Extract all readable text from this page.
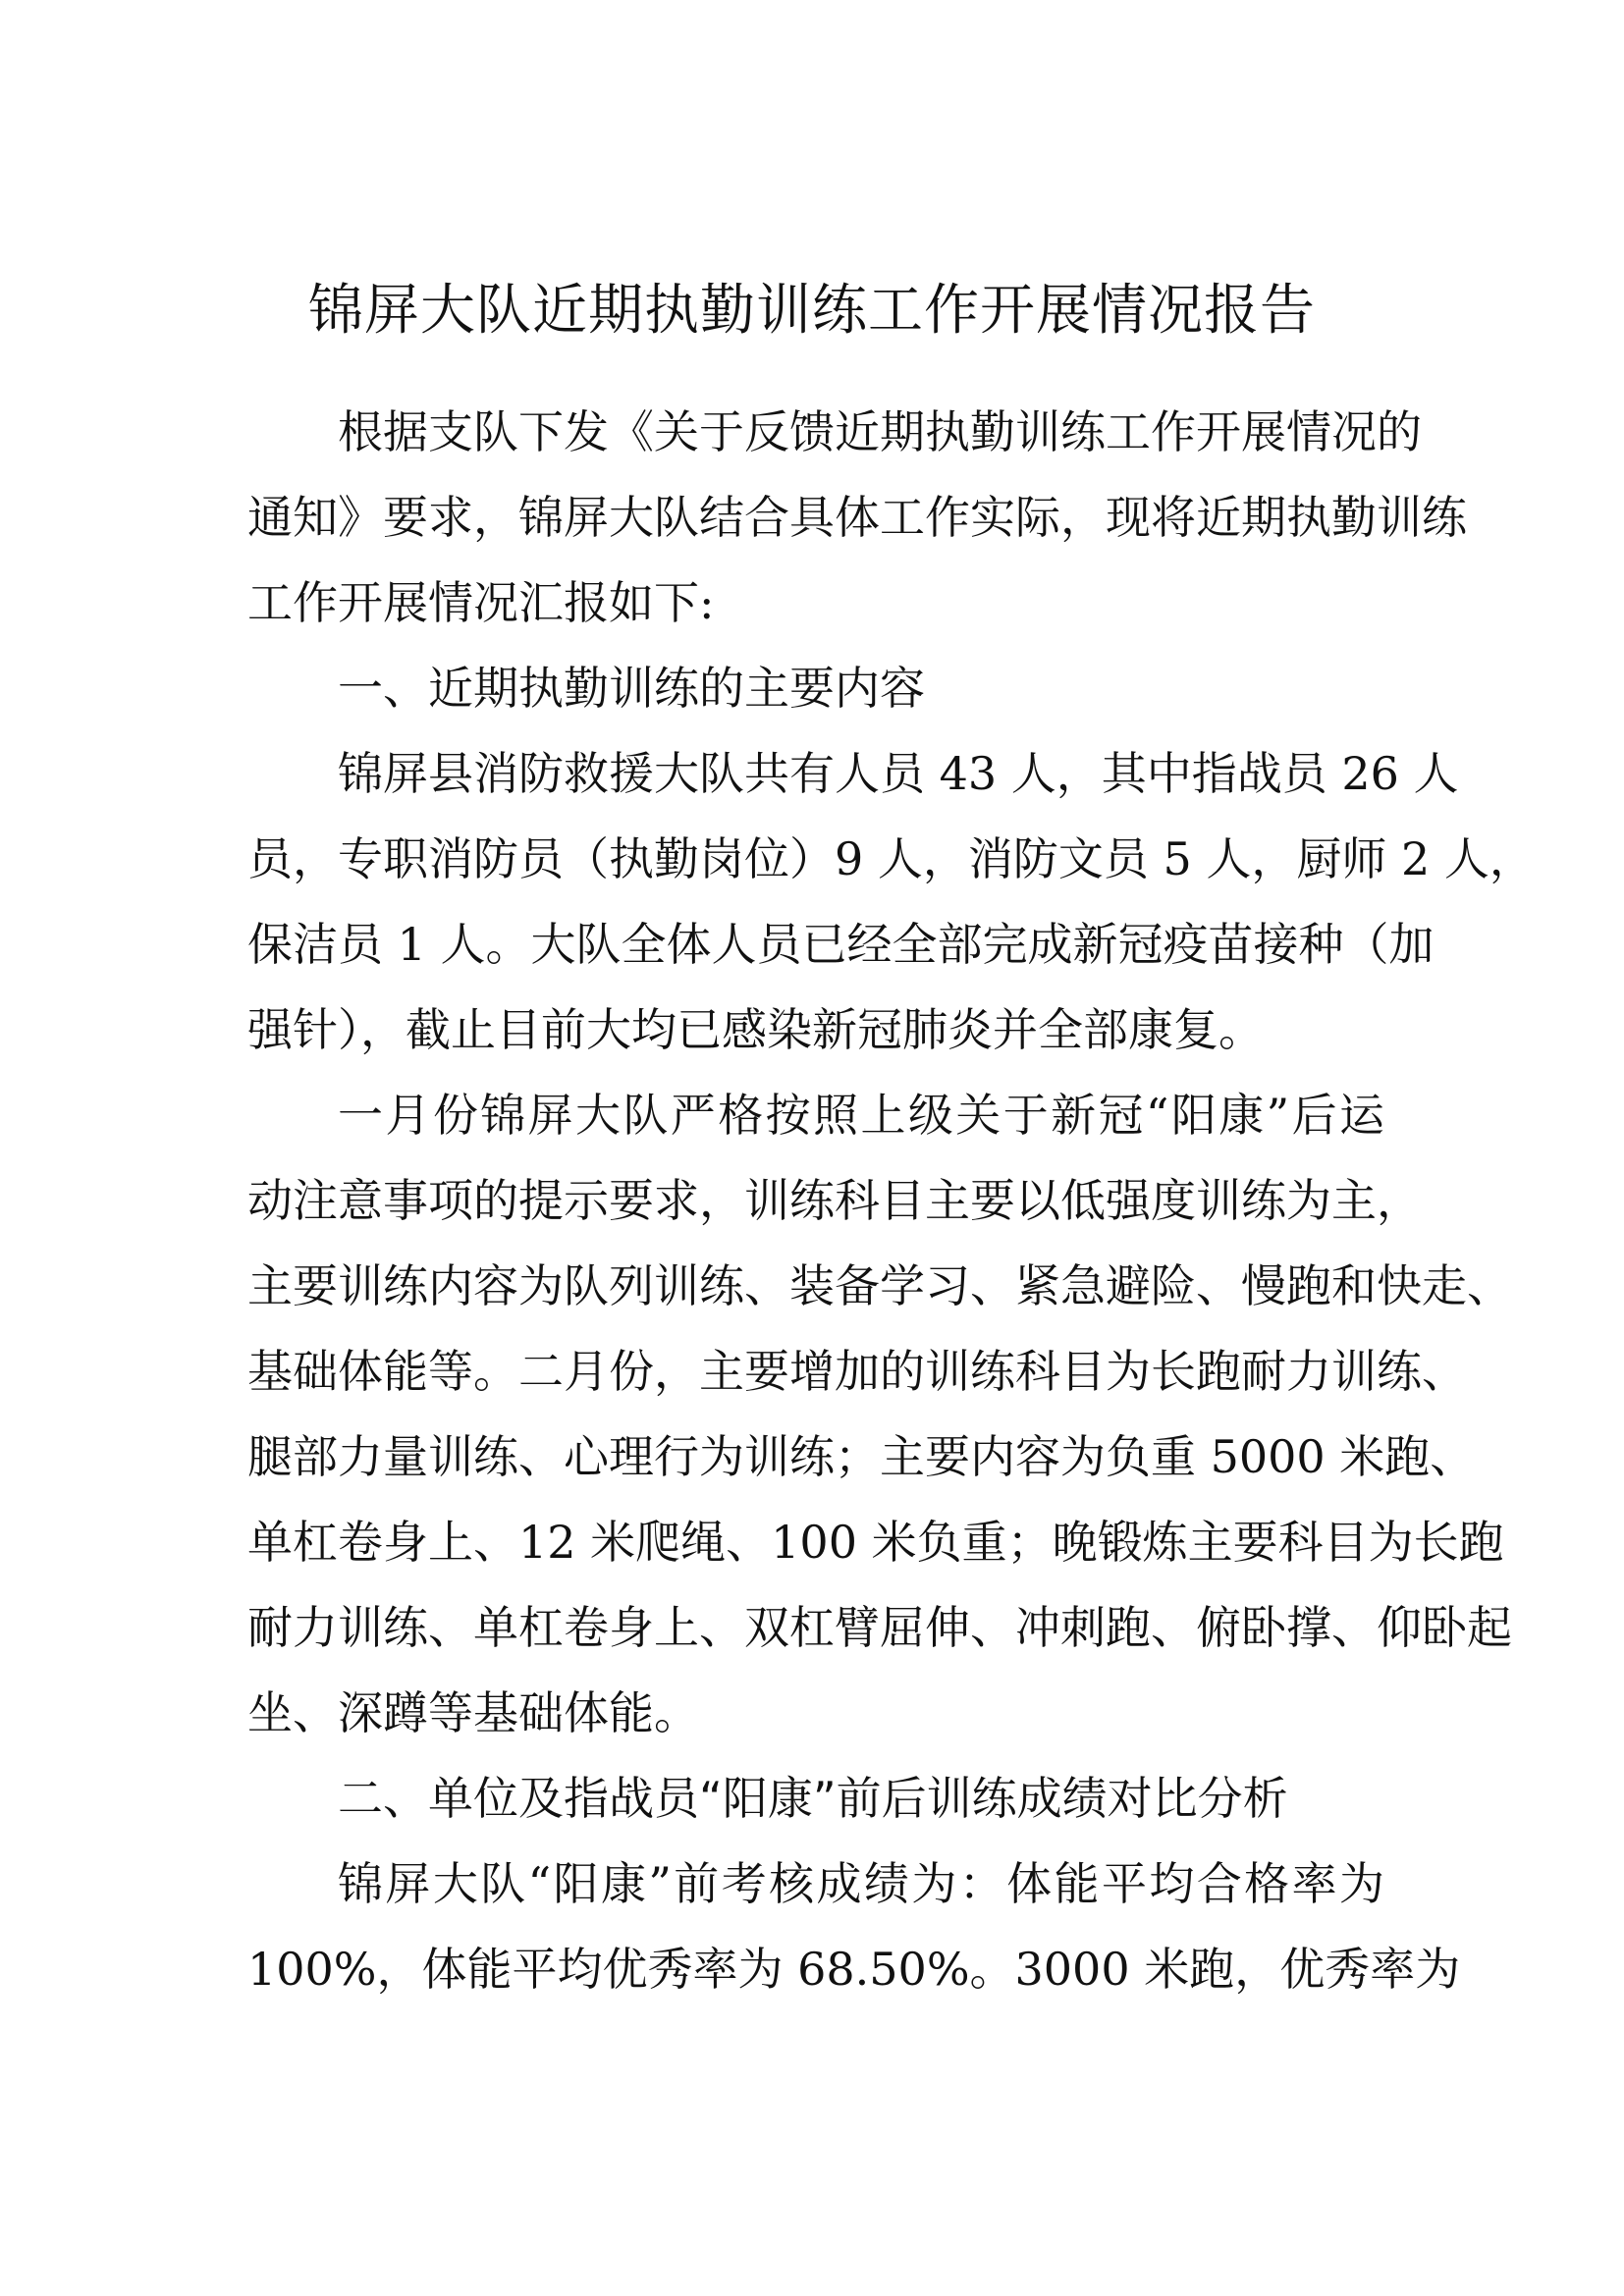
锦屏大队近期执勤训练工作开展情况报告
根据支队下发《关于反馈近期执勤训练工作开展情况的
通知》要求，锦屏大队结合具体工作实际，现将近期执勤训练
工作开展情况汇报如下:
一、近期执勤训练的主要内容
锦屏县消防救援大队共有人员 43 人，其中指战员 26 人
员，专职消防员（执勤岗位）9 人，消防文员 5 人，厨师 2 人，
保洁员 1 人。大队全体人员已经全部完成新冠疫苗接种（加
强针），截止目前大均已感染新冠肺炎并全部康复。
一月份锦屏大队严格按照上级关于新冠“阳康”后运
动注意事项的提示要求，训练科目主要以低强度训练为主，
主要训练内容为队列训练、装备学习、紧急避险、慢跑和快走、
基础体能等。二月份，主要增加的训练科目为长跑耐力训练、
腿部力量训练、心理行为训练；主要内容为负重 5000 米跑、
单杠卷身上、12 米爬绳、100 米负重；晚锻炼主要科目为长跑
耐力训练、单杠卷身上、双杠臂屈伸、冲刺跑、俯卧撑、仰卧起
坐、深蹲等基础体能。
二、单位及指战员“阳康”前后训练成绩对比分析
锦屏大队“阳康”前考核成绩为：体能平均合格率为
100%，体能平均优秀率为 68.50%。3000 米跑，优秀率为
